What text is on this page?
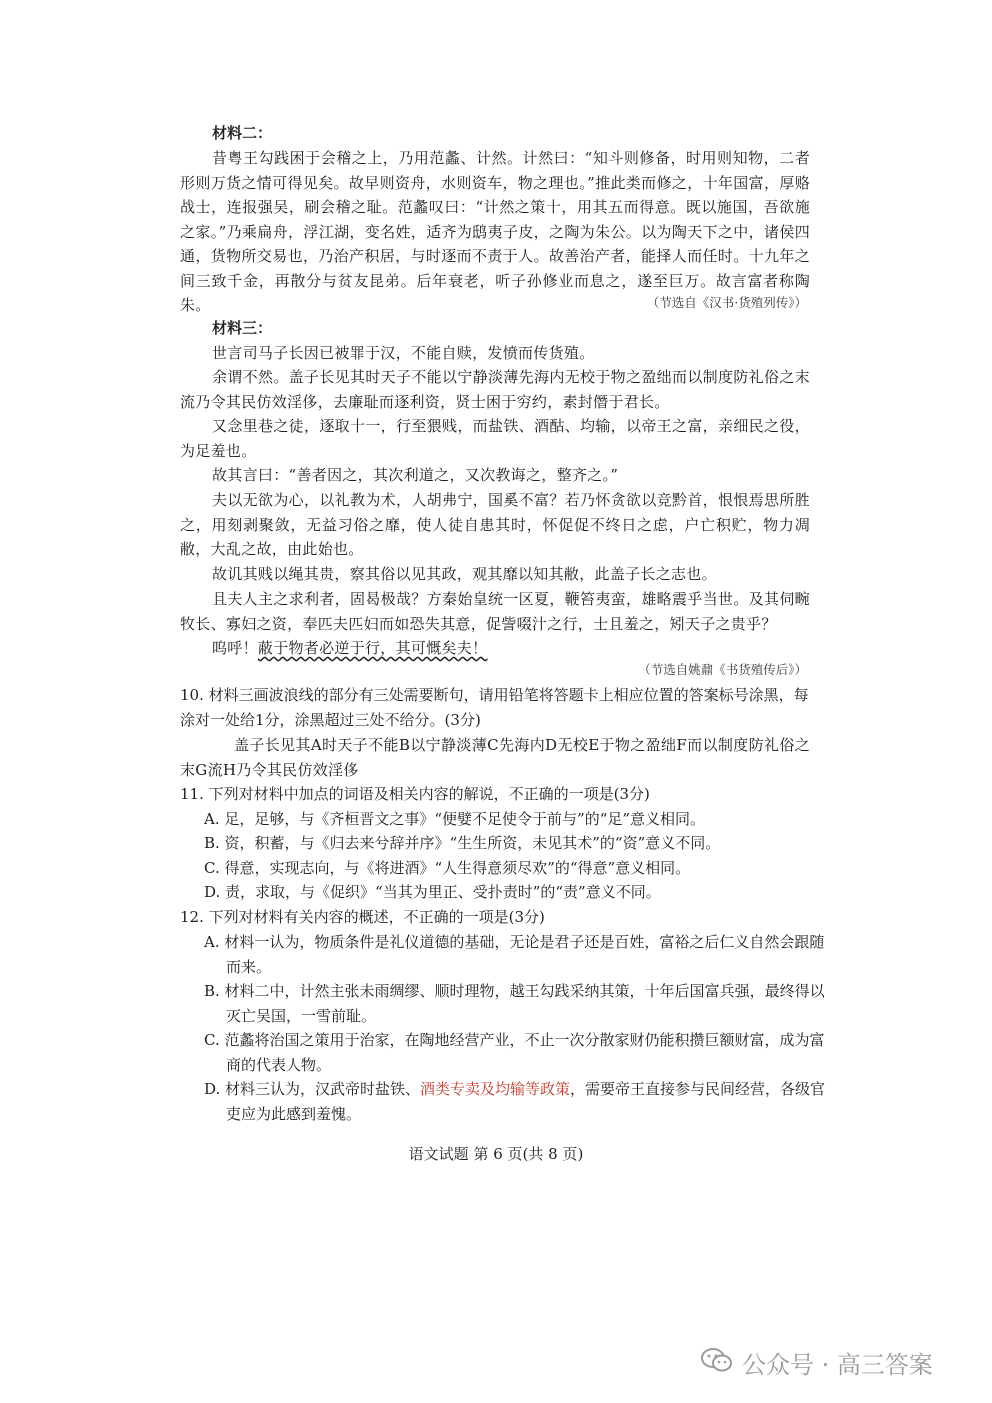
材料二：

昔粤王勾践困于会稽之上，乃用范蠡、计然。计然曰：“知斗则修备，时用则知物，二者形则万货之情可得见矣。故早则资舟，水则资车，物之理也。”推此类而修之，十年国富，厚赂战士，连报强吴，刷会稽之耻。范蠡叹曰：“计然之策十，用其五而得意。既以施国，吾欲施之家。”乃乘扁舟，浮江湖，变名姓，适齐为鸱夷子皮，之陶为朱公。以为陶天下之中，诸侯四通，货物所交易也，乃治产积居，与时逐而不责于人。故善治产者，能择人而任时。十九年之间三致千金，再散分与贫友昆弟。后年衰老，听子孙修业而息之，遂至巨万。故言富者称陶朱。	（节选自《汉书·货殖列传》）
材料三：

世言司马子长因已被罪于汉，不能自赎，发愤而传货殖。

余谓不然。盖子长见其时天子不能以宁静淡薄先海内无校于物之盈绌而以制度防礼俗之末流乃令其民仿效淫侈，去廉耻而逐利资，贤士困于穷约，素封僭于君长。

又念里巷之徒，逐取十一，行至猥贱，而盐铁、酒酤、均输，以帝王之富，亲细民之役，为足羞也。

故其言曰：“善者因之，其次利道之，又次教诲之，整齐之。”

夫以无欲为心，以礼教为术，人胡弗宁，国奚不富？若乃怀贪欲以竞黔首，恨恨焉思所胜之，用刻剥聚敛，无益习俗之靡，使人徒自患其时，怀促促不终日之虑，户亡积贮，物力凋敝，大乱之故，由此始也。

故讥其贱以绳其贵，察其俗以见其政，观其靡以知其敝，此盖子长之志也。

且夫人主之求利者，固曷极哉？方秦始皇统一区夏，鞭笞夷蛮，雄略震乎当世。及其伺畹牧长、寡妇之资，奉匹夫匹妇而如恐失其意，促訾啜汁之行，士且羞之，矧天子之贵乎？

呜呼！蔽于物者必逆于行，其可慨矣夫！

（节选自姚鼐《书货殖传后》）

10. 材料三画波浪线的部分有三处需要断句，请用铅笔将答题卡上相应位置的答案标号涂黑，每涂对一处给1分，涂黑超过三处不给分。(3分)

盖子长见其A时天子不能B以宁静淡薄C先海内D无校E于物之盈绌F而以制度防礼俗之末G流H乃令其民仿效淫侈

11. 下列对材料中加点的词语及相关内容的解说，不正确的一项是(3分)

A. 足，足够，与《齐桓晋文之事》“便嬖不足使令于前与”的“足”意义相同。

B. 资，积蓄，与《归去来兮辞并序》“生生所资，未见其术”的“资”意义不同。

C. 得意，实现志向，与《将进酒》“人生得意须尽欢”的“得意”意义相同。

D. 责，求取，与《促织》“当其为里正、受扑责时”的“责”意义不同。

12. 下列对材料有关内容的概述，不正确的一项是(3分)

A. 材料一认为，物质条件是礼仪道德的基础，无论是君子还是百姓，富裕之后仁义自然会跟随而来。

B. 材料二中，计然主张未雨绸缪、顺时理物，越王勾践采纳其策，十年后国富兵强，最终得以灭亡吴国，一雪前耻。

C. 范蠡将治国之策用于治家，在陶地经营产业，不止一次分散家财仍能积攒巨额财富，成为富商的代表人物。

D. 材料三认为，汉武帝时盐铁、酒类专卖及均输等政策，需要帝王直接参与民间经营，各级官吏应为此感到羞愧。

语文试题 第 6 页(共 8 页)
公众号 · 高三答案
